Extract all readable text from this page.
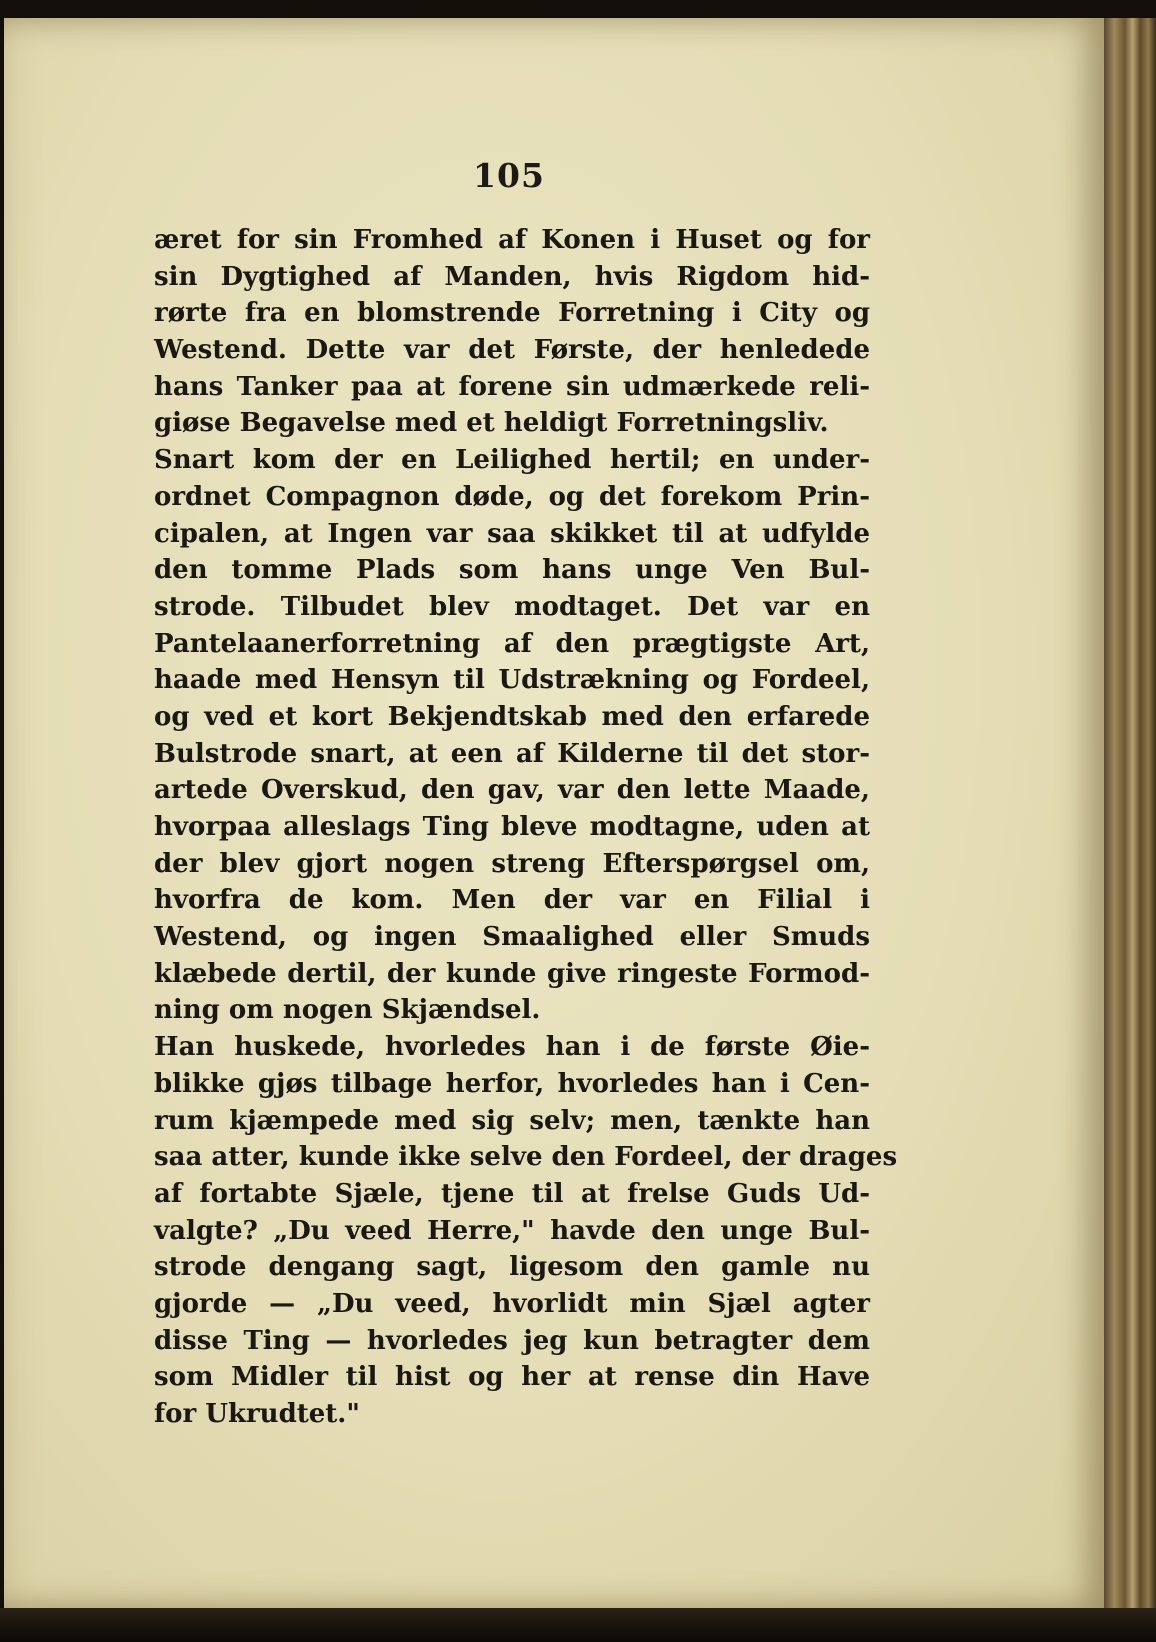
105
æret for sin Fromhed af Konen i Huset og for
sin Dygtighed af Manden, hvis Rigdom hid-
rørte fra en blomstrende Forretning i City og
Westend. Dette var det Første, der henledede
hans Tanker paa at forene sin udmærkede reli-
giøse Begavelse med et heldigt Forretningsliv.
Snart kom der en Leilighed hertil; en under-
ordnet Compagnon døde, og det forekom Prin-
cipalen, at Ingen var saa skikket til at udfylde
den tomme Plads som hans unge Ven Bul-
strode. Tilbudet blev modtaget. Det var en
Pantelaanerforretning af den prægtigste Art,
haade med Hensyn til Udstrækning og Fordeel,
og ved et kort Bekjendtskab med den erfarede
Bulstrode snart, at een af Kilderne til det stor-
artede Overskud, den gav, var den lette Maade,
hvorpaa alleslags Ting bleve modtagne, uden at
der blev gjort nogen streng Efterspørgsel om,
hvorfra de kom. Men der var en Filial i
Westend, og ingen Smaalighed eller Smuds
klæbede dertil, der kunde give ringeste Formod-
ning om nogen Skjændsel.
Han huskede, hvorledes han i de første Øie-
blikke gjøs tilbage herfor, hvorledes han i Cen-
rum kjæmpede med sig selv; men, tænkte han
saa atter, kunde ikke selve den Fordeel, der drages
af fortabte Sjæle, tjene til at frelse Guds Ud-
valgte? „Du veed Herre," havde den unge Bul-
strode dengang sagt, ligesom den gamle nu
gjorde — „Du veed, hvorlidt min Sjæl agter
disse Ting — hvorledes jeg kun betragter dem
som Midler til hist og her at rense din Have
for Ukrudtet."
